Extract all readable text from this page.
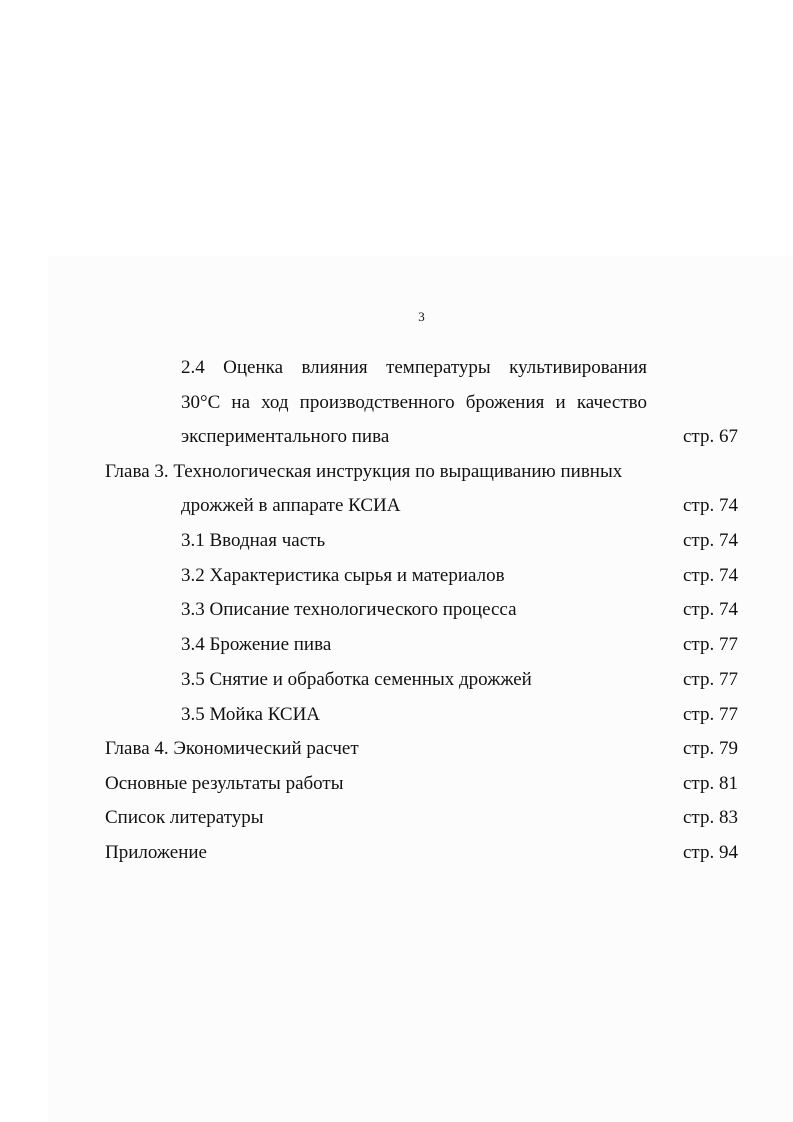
3
2.4 Оценка влияния температуры культивирования
30°С на ход производственного брожения и качество
экспериментального пива	стр. 67
Глава 3. Технологическая инструкция по выращиванию пивных
дрожжей в аппарате КСИА	стр. 74
3.1 Вводная часть	стр. 74
3.2 Характеристика сырья и материалов	стр. 74
3.3 Описание технологического процесса	стр. 74
3.4 Брожение пива	стр. 77
3.5 Снятие и обработка семенных дрожжей	стр. 77
3.5 Мойка КСИА	стр. 77
Глава 4. Экономический расчет	стр. 79
Основные результаты работы	стр. 81
Список литературы	стр. 83
Приложение	стр. 94
